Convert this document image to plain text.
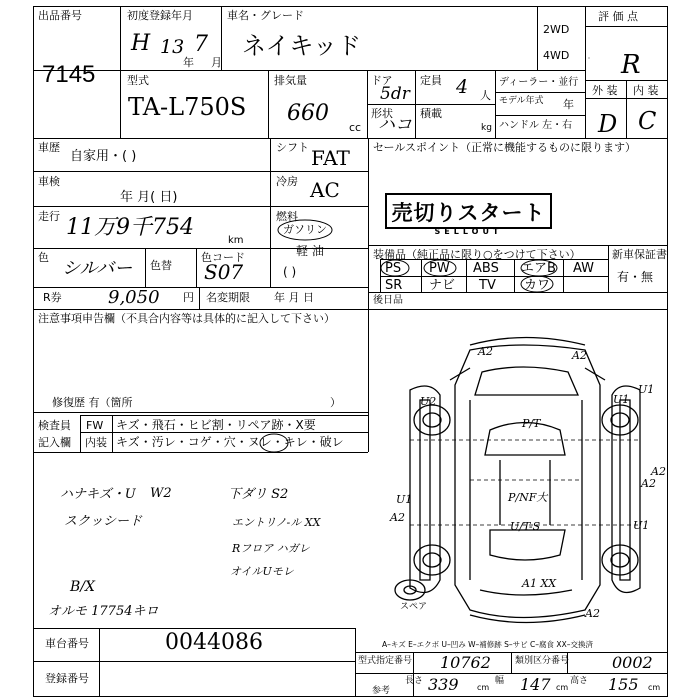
出品番号
7145
初度登録年月
H 13
年
7
月
車名・グレード
ネイキッド
2WD
4WD
評 価 点
R
型式
TA-L750S
排気量
660
cc
ドア
5dr
形状
ハコ
定員 4 人
積載
kg
ディーラー・並行
モデル年式	年
ハンドル 左・右
外 装 内 装
D C
車歴
自家用・( )
シフト FAT
車検
年 月( 日)
冷房 AC
走行 11万9千754
km
燃料
ガソリン
軽 油
( )
色
シルバー 色替
色コード
S07
R券	9,050 円 名変期限 年 月 日
セールスポイント（正常に機能するものに限ります）
売切りスタート
SELLOUT
装備品（純正品に限り○をつけて下さい）	新車保証書
有・無
PS PW ABS エアB AW
SR ナビ TV カワ
後日品
注意事項申告欄（不具合内容等は具体的に記入して下さい）
修復歴 有（箇所	）
検査員
記入欄
FW キズ・飛石・ヒビ割・リペア跡・X要
内装 キズ・汚レ・コゲ・穴・ヌレ・キレ・破レ
ハナキズ・U W2
スクッシード
下ダリ S2
エントリノ-ル XX
Rフロア ハガレ
オイルUモレ
B/X
オルモ 17754キロ
A2	A2
U2	U1
U1
P/T
A2
U1
A2
P/NF大
U/T-S
A2
U1
A1 XX
A2
スペア
車台番号	0044086
登録番号
A–キズ E–エクボ U–凹み W–補修跡 S–サビ C–腐食 XX–交換済
型式指定番号 10762	類別区分番号	0002
参考
長さ 339 cm
幅 147 cm
高さ 155 cm
